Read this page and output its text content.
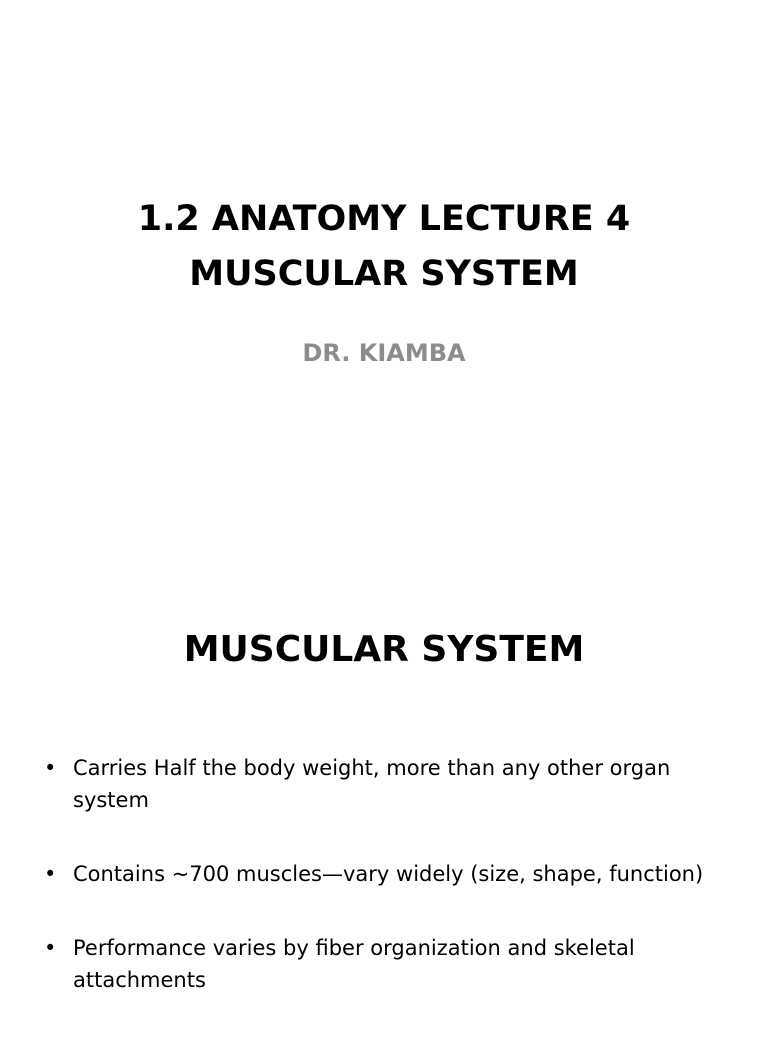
1.2 ANATOMY LECTURE 4
MUSCULAR SYSTEM
DR. KIAMBA
MUSCULAR SYSTEM
• Carries Half the body weight, more than any other organ system
• Contains ~700 muscles—vary widely (size, shape, function)
• Performance varies by fiber organization and skeletal attachments
